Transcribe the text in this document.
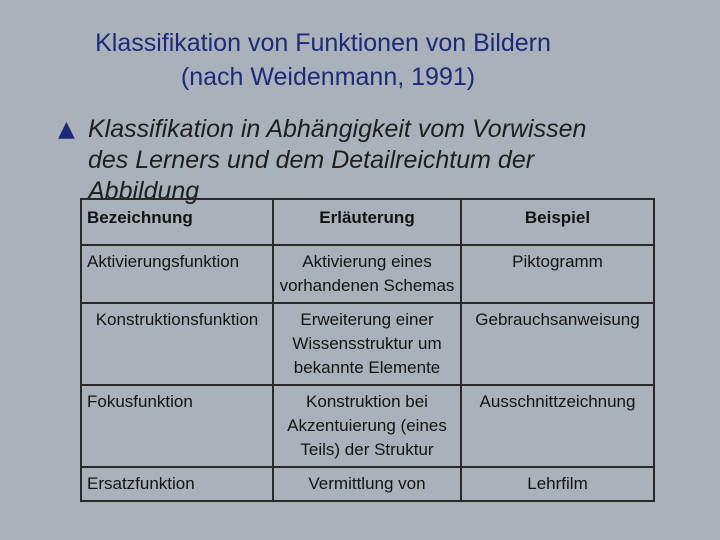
Klassifikation von Funktionen von Bildern

(nach Weidenmann, 1991)
▲ Klassifikation in Abhängigkeit vom Vorwissen des Lerners und dem Detailreichtum der Abbildung
Bezeichnung	Erläuterung	Beispiel
Aktivierungsfunktion	Aktivierung eines vorhandenen Schemas	Piktogramm
Konstruktionsfunktion	Erweiterung einer Wissensstruktur um bekannte Elemente	Gebrauchsanweisung
Fokusfunktion	Konstruktion bei Akzentuierung (eines Teils) der Struktur	Ausschnittzeichnung
Ersatzfunktion	Vermittlung von	Lehrfilm
